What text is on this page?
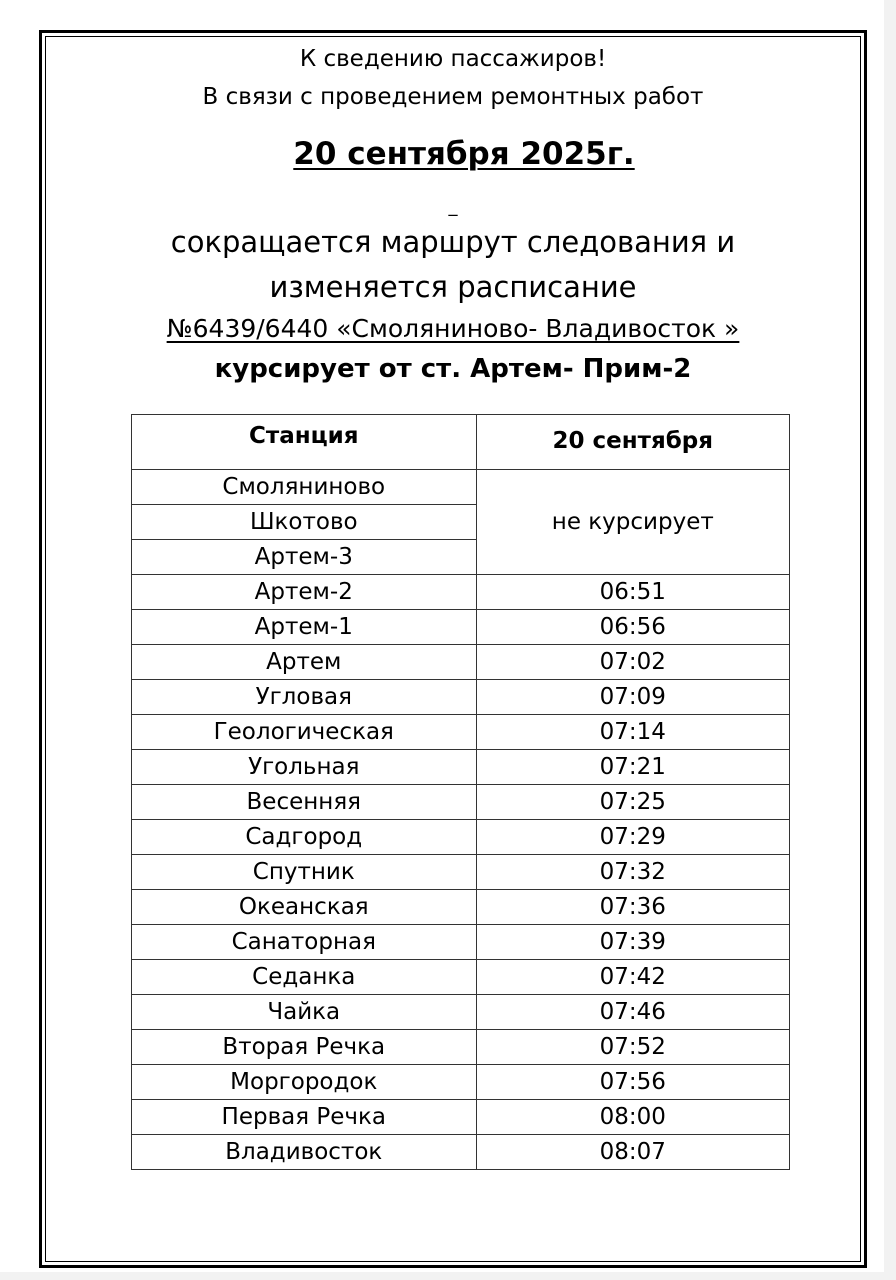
К сведению пассажиров!
В связи с проведением ремонтных работ
20 сентября 2025г.
_
сокращается маршрут следования и
изменяется расписание
№6439/6440 «Смоляниново- Владивосток »
курсирует от ст. Артем- Прим-2
Станция	20 сентября
Смоляниново	не курсирует
Шкотово	
Артем-3	
Артем-2	06:51
Артем-1	06:56
Артем	07:02
Угловая	07:09
Геологическая	07:14
Угольная	07:21
Весенняя	07:25
Садгород	07:29
Спутник	07:32
Океанская	07:36
Санаторная	07:39
Седанка	07:42
Чайка	07:46
Вторая Речка	07:52
Моргородок	07:56
Первая Речка	08:00
Владивосток	08:07
